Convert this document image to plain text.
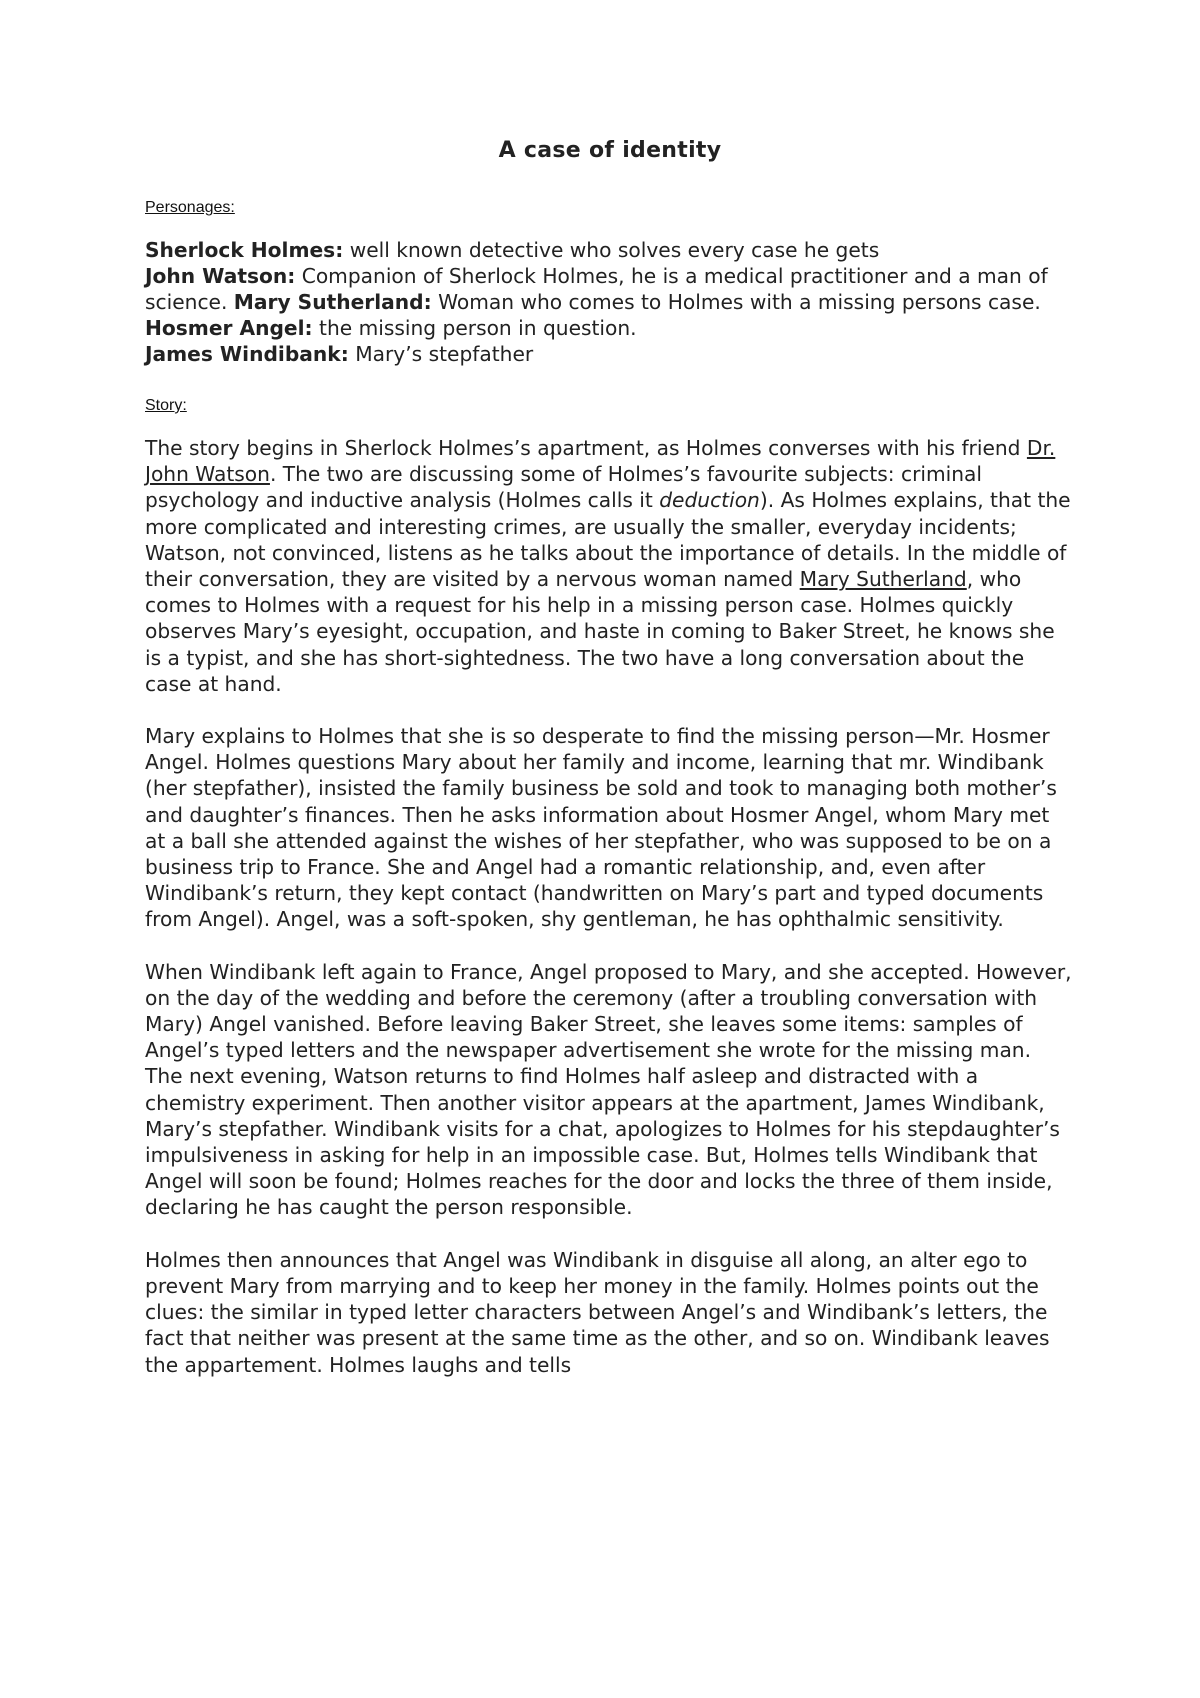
A case of identity

Personages:

Sherlock Holmes: well known detective who solves every case he gets

John Watson: Companion of Sherlock Holmes, he is a medical practitioner and a man of science. Mary Sutherland: Woman who comes to Holmes with a missing persons case.

Hosmer Angel: the missing person in question.

James Windibank: Mary’s stepfather

Story:

The story begins in Sherlock Holmes’s apartment, as Holmes converses with his friend Dr. John Watson. The two are discussing some of Holmes’s favourite subjects: criminal psychology and inductive analysis (Holmes calls it deduction). As Holmes explains, that the more complicated and interesting crimes, are usually the smaller, everyday incidents; Watson, not convinced, listens as he talks about the importance of details. In the middle of their conversation, they are visited by a nervous woman named Mary Sutherland, who comes to Holmes with a request for his help in a missing person case. Holmes quickly observes Mary’s eyesight, occupation, and haste in coming to Baker Street, he knows she is a typist, and she has short-sightedness. The two have a long conversation about the case at hand.

Mary explains to Holmes that she is so desperate to find the missing person—Mr. Hosmer Angel. Holmes questions Mary about her family and income, learning that mr. Windibank (her stepfather), insisted the family business be sold and took to managing both mother’s and daughter’s finances. Then he asks information about Hosmer Angel, whom Mary met at a ball she attended against the wishes of her stepfather, who was supposed to be on a business trip to France. She and Angel had a romantic relationship, and, even after Windibank’s return, they kept contact (handwritten on Mary’s part and typed documents from Angel). Angel, was a soft-spoken, shy gentleman, he has ophthalmic sensitivity.

When Windibank left again to France, Angel proposed to Mary, and she accepted. However, on the day of the wedding and before the ceremony (after a troubling conversation with Mary) Angel vanished. Before leaving Baker Street, she leaves some items: samples of Angel’s typed letters and the newspaper advertisement she wrote for the missing man.

The next evening, Watson returns to find Holmes half asleep and distracted with a chemistry experiment. Then another visitor appears at the apartment, James Windibank, Mary’s stepfather. Windibank visits for a chat, apologizes to Holmes for his stepdaughter’s impulsiveness in asking for help in an impossible case. But, Holmes tells Windibank that Angel will soon be found; Holmes reaches for the door and locks the three of them inside, declaring he has caught the person responsible.

Holmes then announces that Angel was Windibank in disguise all along, an alter ego to prevent Mary from marrying and to keep her money in the family. Holmes points out the clues: the similar in typed letter characters between Angel’s and Windibank’s letters, the fact that neither was present at the same time as the other, and so on. Windibank leaves the appartement. Holmes laughs and tells
